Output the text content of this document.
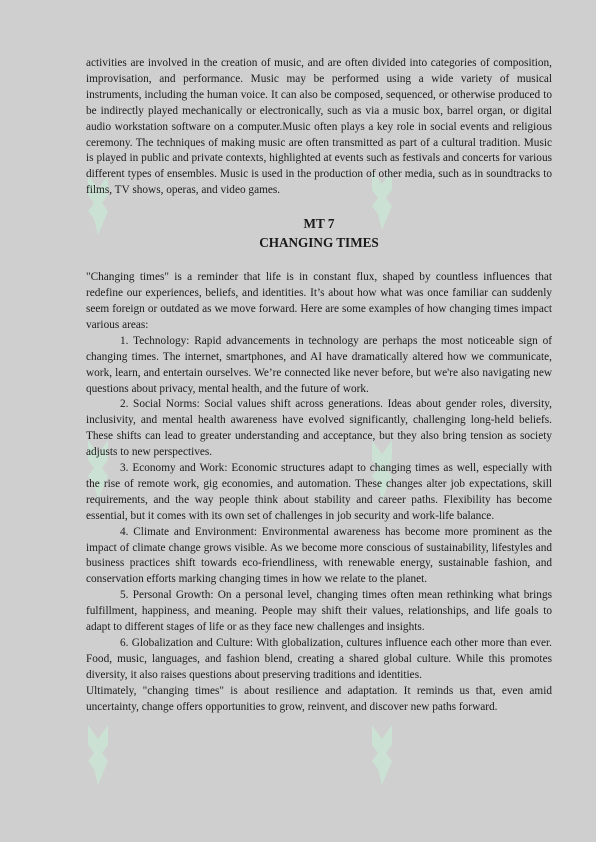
activities are involved in the creation of music, and are often divided into categories of composition, improvisation, and performance. Music may be performed using a wide variety of musical instruments, including the human voice. It can also be composed, sequenced, or otherwise produced to be indirectly played mechanically or electronically, such as via a music box, barrel organ, or digital audio workstation software on a computer.Music often plays a key role in social events and religious ceremony. The techniques of making music are often transmitted as part of a cultural tradition. Music is played in public and private contexts, highlighted at events such as festivals and concerts for various different types of ensembles. Music is used in the production of other media, such as in soundtracks to films, TV shows, operas, and video games.

MT 7
CHANGING TIMES

"Changing times" is a reminder that life is in constant flux, shaped by countless influences that redefine our experiences, beliefs, and identities. It’s about how what was once familiar can suddenly seem foreign or outdated as we move forward. Here are some examples of how changing times impact various areas:

1. Technology: Rapid advancements in technology are perhaps the most noticeable sign of changing times. The internet, smartphones, and AI have dramatically altered how we communicate, work, learn, and entertain ourselves. We’re connected like never before, but we're also navigating new questions about privacy, mental health, and the future of work.

2. Social Norms: Social values shift across generations. Ideas about gender roles, diversity, inclusivity, and mental health awareness have evolved significantly, challenging long-held beliefs. These shifts can lead to greater understanding and acceptance, but they also bring tension as society adjusts to new perspectives.

3. Economy and Work: Economic structures adapt to changing times as well, especially with the rise of remote work, gig economies, and automation. These changes alter job expectations, skill requirements, and the way people think about stability and career paths. Flexibility has become essential, but it comes with its own set of challenges in job security and work-life balance.

4. Climate and Environment: Environmental awareness has become more prominent as the impact of climate change grows visible. As we become more conscious of sustainability, lifestyles and business practices shift towards eco-friendliness, with renewable energy, sustainable fashion, and conservation efforts marking changing times in how we relate to the planet.

5. Personal Growth: On a personal level, changing times often mean rethinking what brings fulfillment, happiness, and meaning. People may shift their values, relationships, and life goals to adapt to different stages of life or as they face new challenges and insights.

6. Globalization and Culture: With globalization, cultures influence each other more than ever. Food, music, languages, and fashion blend, creating a shared global culture. While this promotes diversity, it also raises questions about preserving traditions and identities.

Ultimately, "changing times" is about resilience and adaptation. It reminds us that, even amid uncertainty, change offers opportunities to grow, reinvent, and discover new paths forward.
